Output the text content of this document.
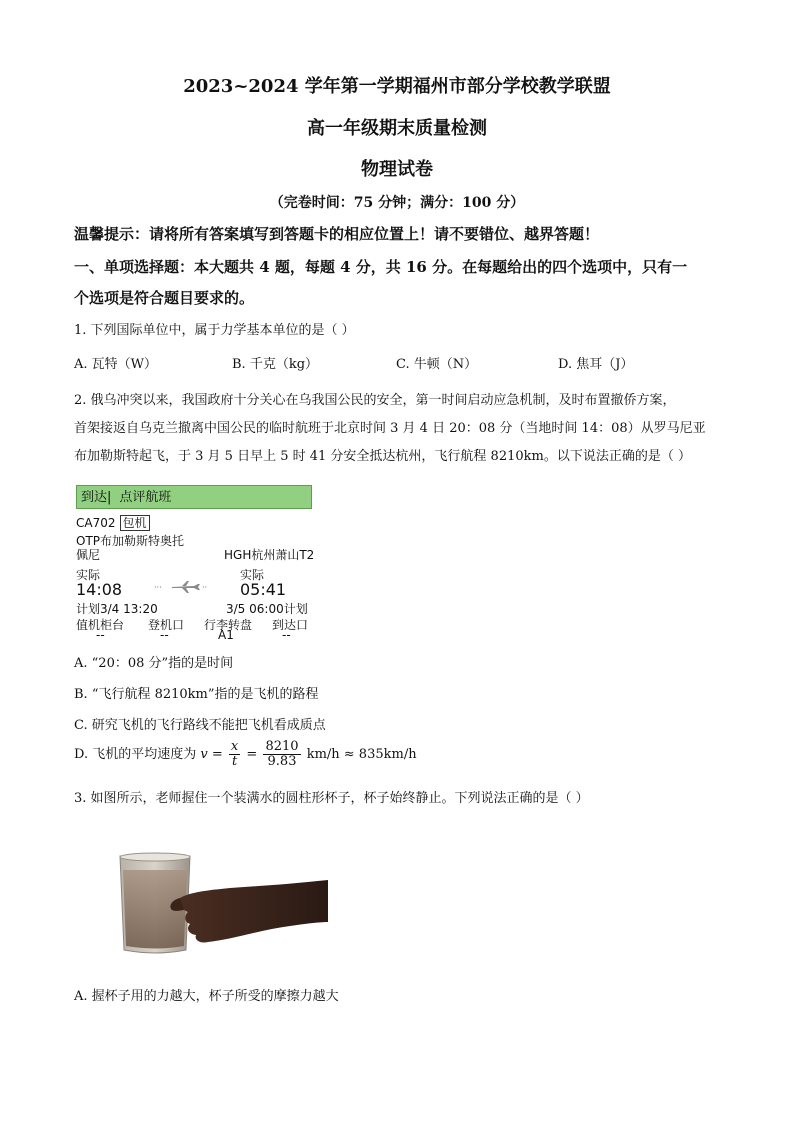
2023~2024 学年第一学期福州市部分学校教学联盟
高一年级期末质量检测
物理试卷
（完卷时间：75 分钟；满分：100 分）
温馨提示：请将所有答案填写到答题卡的相应位置上！请不要错位、越界答题！
一、单项选择题：本大题共 4 题，每题 4 分，共 16 分。在每题给出的四个选项中，只有一
个选项是符合题目要求的。
1. 下列国际单位中，属于力学基本单位的是（ ）
A. 瓦特（W）	B. 千克（kg）	C. 牛顿（N）	D. 焦耳（J）
2. 俄乌冲突以来，我国政府十分关心在乌我国公民的安全，第一时间启动应急机制，及时布置撤侨方案，
首架接返自乌克兰撤离中国公民的临时航班于北京时间 3 月 4 日 20：08 分（当地时间 14：08）从罗马尼亚
布加勒斯特起飞，于 3 月 5 日早上 5 时 41 分安全抵达杭州，飞行航程 8210km。以下说法正确的是（ ）
到达| 点评航班
CA702 包机
OTP布加勒斯特奥托
佩尼	HGH杭州萧山T2
实际	实际
14:08	05:41
···	··
计划3/4 13:20	3/5 06:00计划
值机柜台 登机口 行李转盘 到达口
--	--	A1	--
A. “20：08 分”指的是时间
B. “飞行航程 8210km”指的是飞机的路程
C. 研究飞机的飞行路线不能把飞机看成质点
D. 飞机的平均速度为 $v = \frac{x}{t} = \frac{8210}{9.83} km/h \approx 835km/h$
3. 如图所示，老师握住一个装满水的圆柱形杯子，杯子始终静止。下列说法正确的是（ ）
A. 握杯子用的力越大，杯子所受的摩擦力越大
